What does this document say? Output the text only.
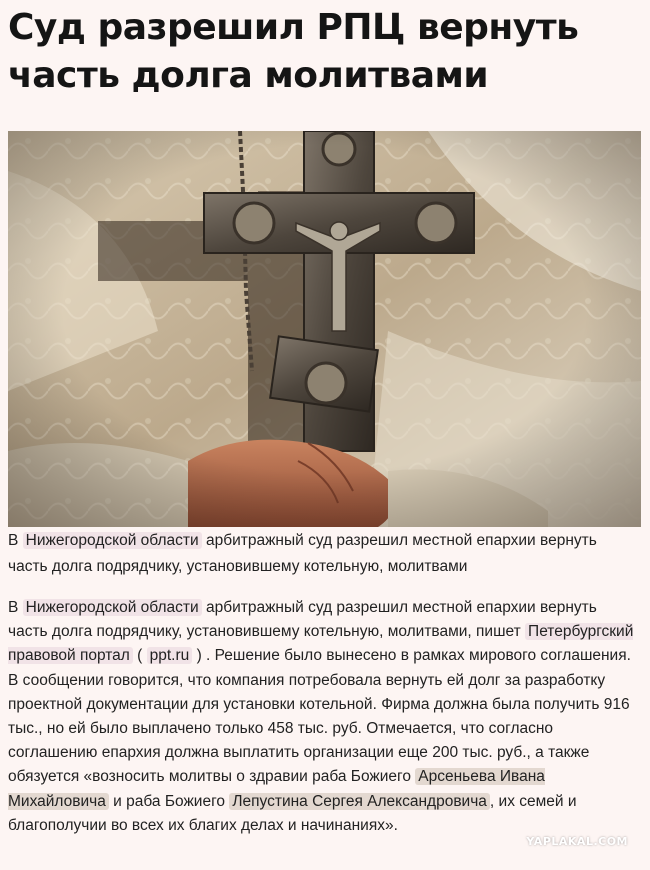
Суд разрешил РПЦ вернуть часть долга молитвами
В Нижегородской области арбитражный суд разрешил местной епархии вернуть часть долга подрядчику, установившему котельную, молитвами
В Нижегородской области арбитражный суд разрешил местной епархии вернуть часть долга подрядчику, установившему котельную, молитвами, пишет Петербургский правовой портал ( ppt.ru ) . Решение было вынесено в рамках мирового соглашения. В сообщении говорится, что компания потребовала вернуть ей долг за разработку проектной документации для установки котельной. Фирма должна была получить 916 тыс., но ей было выплачено только 458 тыс. руб. Отмечается, что согласно соглашению епархия должна выплатить организации еще 200 тыс. руб., а также обязуется «возносить молитвы о здравии раба Божиего Арсеньева Ивана Михайловича и раба Божиего Лепустина Сергея Александровича , их семей и благополучии во всех их благих делах и начинаниях».
YAPLAKAL.COM
